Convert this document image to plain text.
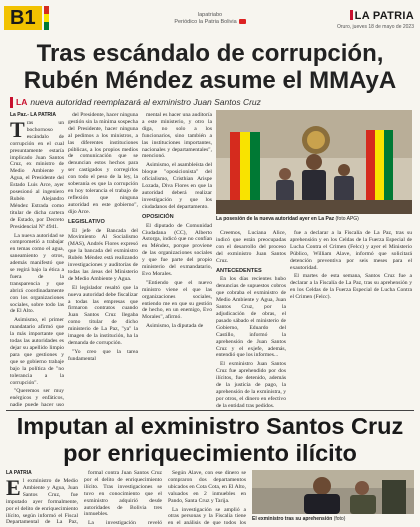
B1	lapatriabo
Periódico la Patria Bolivia	LA PATRIA
Oruro, jueves 18 de mayo de 2023
Tras escándalo de corrupción,
Rubén Méndez asume el MMAyA
LA nueva autoridad reemplazará al exministro Juan Santos Cruz
La Paz.- LA PATRIA

Tras un bochornoso escándalo de corrupción en el cual presuntamente estaría implicado Juan Santos Cruz, ex ministro de Medio Ambiente y Agua, el Presidente del Estado Luis Arce, ayer posesionó al ingeniero Rubén Alejandro Méndez Estrada como titular de dicha cartera de Estado, por Decreto Presidencial Nº 4941.

La nueva autoridad se comprometió a trabajar en temas como el agua, saneamiento y otros, además manifestó que se regirá bajo la ética a fuera de la transparencia y que abrirá coordinadamente con los organizaciones sociales, sobre todo las de El Alto.

Asimismo, el primer mandatario afirmó que la más importante que todas las autoridades es dejar su apellido limpio para que gestiones y que se gobierno trabaje bajo la política de "no tolerancia a la corrupción".

"Queremos ser muy enérgicos y enfáticos, nadie puede hacer uso

del Presidente, hacer ninguna gestión sin la mínima sospecha del Presidente, hacer ninguna al pedimos a los ministros, a las diferentes instituciones públicas, a los propios medios de comunicación que se denuncian estos hechos para ser castigados y corregirlos con todo el peso de la ley, la soberanía es que la corrupción en hoy tolerancia el trabajo de reflexión que ninguna autoridad en este gobierno", dijo Arce.

LEGISLATIVO

El jefe de Bancada del Movimiento Al Socialismo (MAS), Andrés Flores expresó que la bancada del exministro Rubén Méndez está realizando investigaciones y auditorías de todas las áreas del Ministerio de Medio Ambiente y Agua.

El legislador resaltó que la nueva autoridad debe fiscalizar a todas las empresas que firmaron contratos cuando Juan Santos Cruz llegaba como titular de dicho ministerio de La Paz, "ya" la imagen de la institución, ha la demanda de corrupción.

"Yo creo que la tarea fundamental

mental es hacer una auditoría a este ministerio, y otro la diga, no solo a los funcionarios, sino también a las instituciones importantes, nacionales y departamentales", mencionó.

Asimismo, el asambleísta del bloque "oposicionista" del oficialismo, Cristhian Arispe Lozada, Diva Flores en que la autoridad deberá realizar investigación y que los ciudadanos del departamento.

OPOSICIÓN

El diputado de Comunidad Ciudadana (CC), Alberto Astorga, indicó que no confían en Méndez, porque proviene de las organizaciones sociales y que fue parte del propio ministerio del exmandatario, Evo Morales.

"Entiendo que el nuevo ministro viene el que las organizaciones sociales, entiendo me en que su gestión de hecho, en un enemigo, Evo Morales", afirmó.

Asimismo, la diputada de

Creemos, Luciana Alice, indicó que están preocupadas con el desarrollo del proceso del exministro Juan Santos Cruz.

ANTECEDENTES

En los días recientes hubo denuncias de supuestos cobros que cobraba el exministro de Medio Ambiente y Agua, Juan Santos Cruz, por la adjudicación de obras, el pasado sábado el ministerio de Gobierno, Eduardo del Castillo, informó la aprehensión de Juan Santos Cruz y el exjefe, además, entendió que los informes...

El exministro Juan Santos Cruz fue aprehendido por dos ilícitos, fue detenido, además de la justicia de pago, la aprehensión de la exministra, y por otros, el dinero en efectivo de la entidad tras pedidos.

fue a declarar a la Fiscalía de La Paz, tras su aprehensión y en los Celdas de la Fuerza Especial de Lucha Contra el Crimen (Felcc) y ayer el Ministerio Público, William Alave, informó que solicitará detención preventiva por seis meses para el exautoridad.

El martes de esta semana, Santos Cruz fue a declarar a la Fiscalía de La Paz, tras su aprehensión y en los Celdas de la Fuerza Especial de Lucha Contra el Crimen (Felcc).

La posesión de la nueva autoridad ayer en La Paz (foto APG)
Imputan al exministro Santos Cruz
por enriquecimiento ilícito
LA PATRIA

El exministro de Medio Ambiente y Agua, Juan Santos Cruz, fue imputado ayer formalmente, por el delito de enriquecimiento ilícito, según informó el Fiscal Departamental de La Paz,

formal contra Juan Santos Cruz por el delito de enriquecimiento ilícito. Tras investigaciones se tuvo en conocimiento que el exministro adquirió desde autoridades de Bolivia tres inmuebles.

La investigación reveló

Según Alave, con ese dinero se compraron dos departamentos ubicados en Cota Cota, en El Alto, valuados en 2 inmuebles en Pando, Santa Cruz y Tarija.

La investigación se amplió a otras personas y la Fiscalía tiene en el análisis de que todos los

El exministro tras su aprehensión (foto)
